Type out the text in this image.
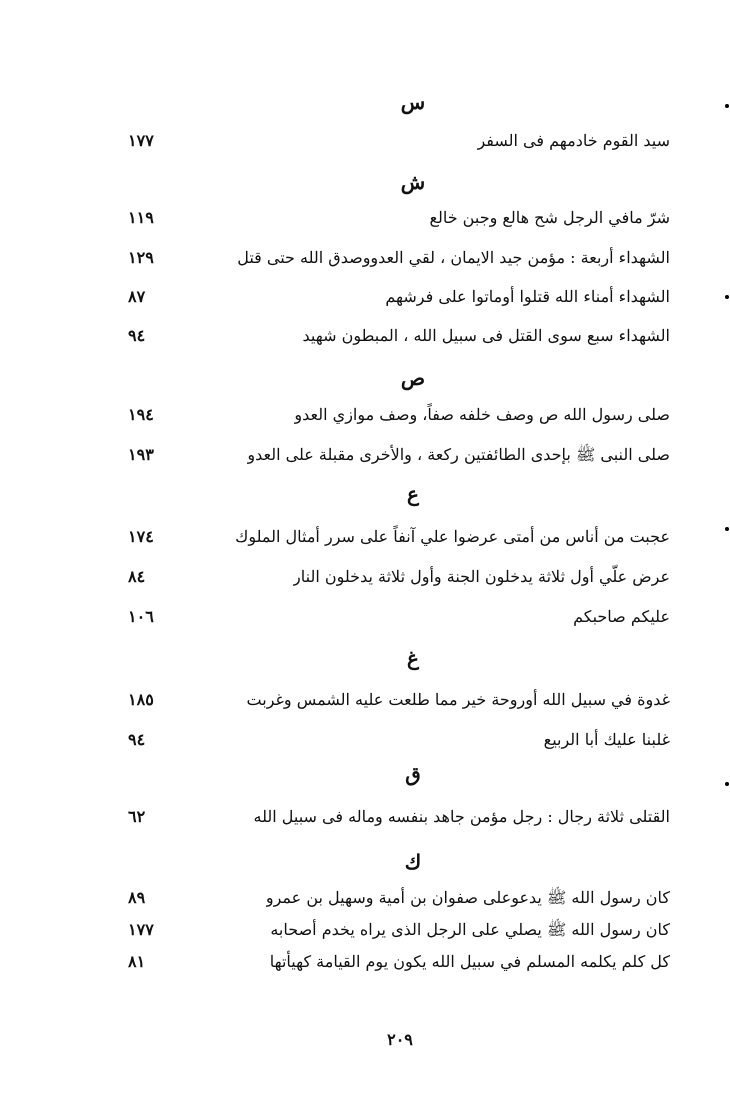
س
سيد القوم خادمهم فى السفر
١٧٧
ش
شرّ مافي الرجل شح هالع وجبن خالع
١١٩
الشهداء أربعة : مؤمن جيد الايمان ، لقي العدووصدق الله حتى قتل
١٢٩
الشهداء أمناء الله قتلوا أوماتوا على فرشهم
٨٧
الشهداء سبع سوى القتل فى سبيل الله ، المبطون شهيد
٩٤
ص
صلى رسول الله ص وصف خلفه صفاً، وصف موازي العدو
١٩٤
صلى النبى ﷺ بإحدى الطائفتين ركعة ، والأخرى مقبلة على العدو
١٩٣
ع
عجبت من أناس من أمتى عرضوا علي آنفاً على سرر أمثال الملوك
١٧٤
عرض علّي أول ثلاثة يدخلون الجنة وأول ثلاثة يدخلون النار
٨٤
عليكم صاحبكم
١٠٦
غ
غدوة في سبيل الله أوروحة خير مما طلعت عليه الشمس وغربت
١٨٥
غلبنا عليك أبا الربيع
٩٤
ق
القتلى ثلاثة رجال : رجل مؤمن جاهد بنفسه وماله فى سبيل الله
٦٢
ك
كان رسول الله ﷺ يدعوعلى صفوان بن أمية وسهيل بن عمرو
٨٩
كان رسول الله ﷺ يصلي على الرجل الذى يراه يخدم أصحابه
١٧٧
كل كلم يكلمه المسلم في سبيل الله يكون يوم القيامة كهيأتها
٨١
٢٠٩
